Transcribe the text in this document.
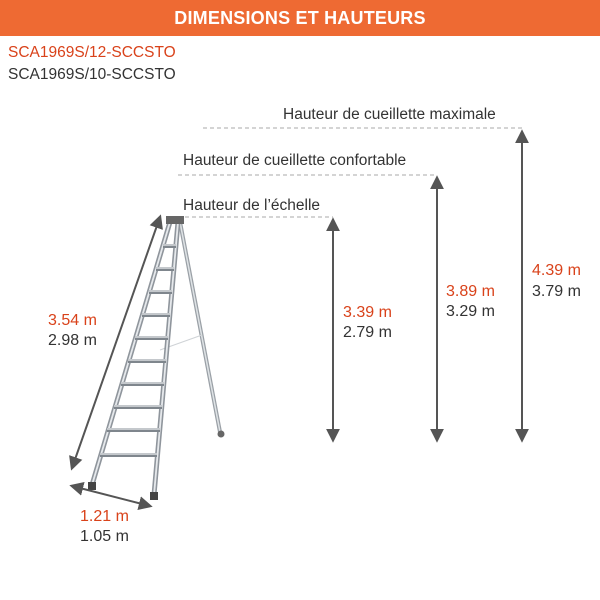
DIMENSIONS ET HAUTEURS
SCA1969S/12-SCCSTO
SCA1969S/10-SCCSTO
Hauteur de cueillette maximale
Hauteur de cueillette confortable
Hauteur de l’échelle
4.39 m
3.79 m
3.89 m
3.29 m
3.39 m
2.79 m
3.54 m
2.98 m
1.21 m
1.05 m
